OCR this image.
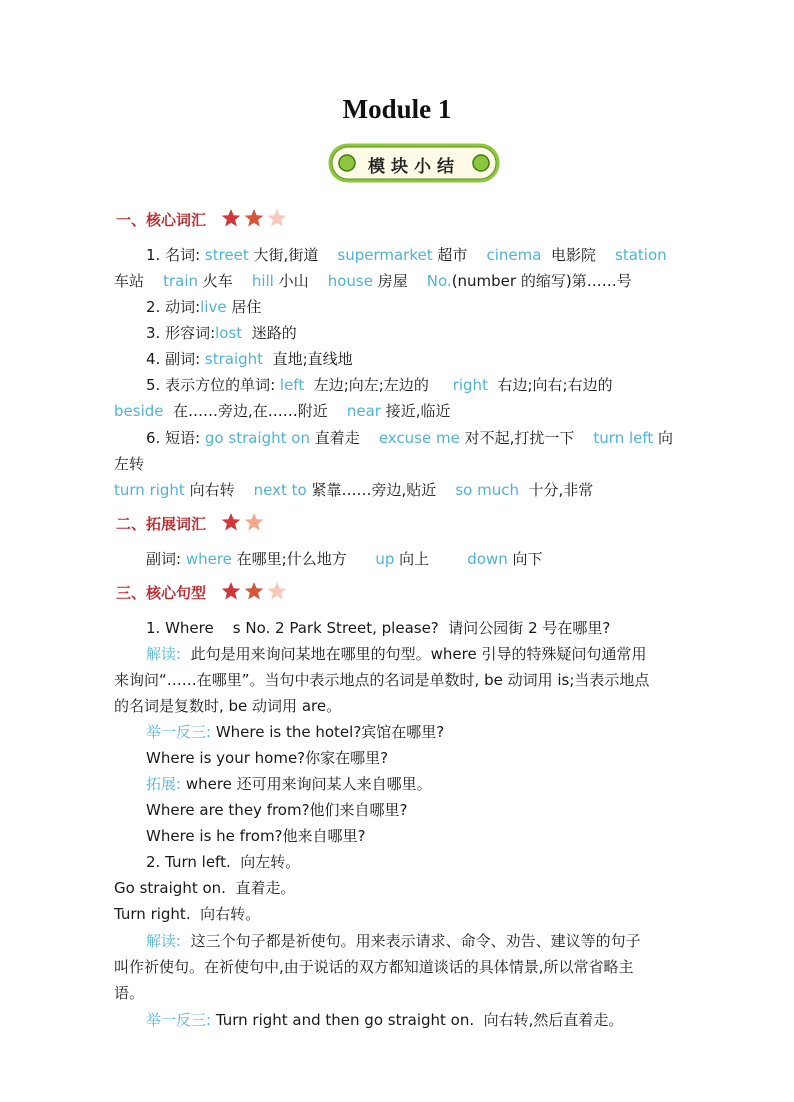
Module 1
模块小结
一、核心词汇
1. 名词: street 大街,街道    supermarket 超市    cinema  电影院    station
车站    train 火车    hill 小山    house 房屋    No.(number 的缩写)第……号
2. 动词:live 居住
3. 形容词:lost  迷路的
4. 副词: straight  直地;直线地
5. 表示方位的单词: left  左边;向左;左边的     right  右边;向右;右边的
beside  在……旁边,在……附近    near 接近,临近
6. 短语: go straight on 直着走    excuse me 对不起,打扰一下    turn left 向
左转
turn right 向右转    next to 紧靠……旁边,贴近    so much  十分,非常
二、拓展词汇
副词: where 在哪里;什么地方      up 向上        down 向下
三、核心句型
1. Where    s No. 2 Park Street, please?  请问公园街 2 号在哪里?
解读:  此句是用来询问某地在哪里的句型。where 引导的特殊疑问句通常用
来询问“……在哪里”。当句中表示地点的名词是单数时, be 动词用 is;当表示地点
的名词是复数时, be 动词用 are。
举一反三: Where is the hotel?宾馆在哪里?
Where is your home?你家在哪里?
拓展: where 还可用来询问某人来自哪里。
Where are they from?他们来自哪里?
Where is he from?他来自哪里?
2. Turn left.  向左转。
Go straight on.  直着走。
Turn right.  向右转。
解读:  这三个句子都是祈使句。用来表示请求、命令、劝告、建议等的句子
叫作祈使句。在祈使句中,由于说话的双方都知道谈话的具体情景,所以常省略主
语。
举一反三: Turn right and then go straight on.  向右转,然后直着走。
